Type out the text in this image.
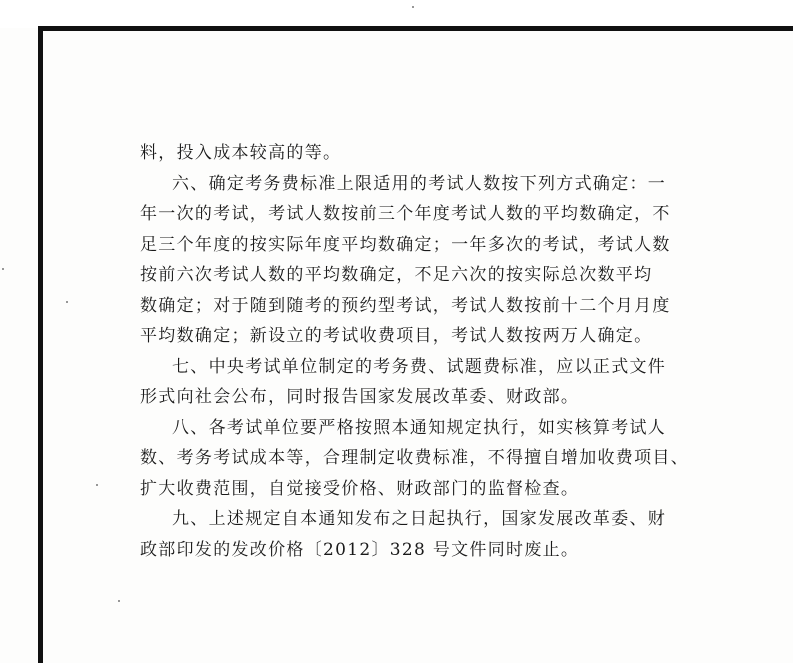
料，投入成本较高的等。
六、确定考务费标准上限适用的考试人数按下列方式确定：一
年一次的考试，考试人数按前三个年度考试人数的平均数确定，不
足三个年度的按实际年度平均数确定；一年多次的考试，考试人数
按前六次考试人数的平均数确定，不足六次的按实际总次数平均
数确定；对于随到随考的预约型考试，考试人数按前十二个月月度
平均数确定；新设立的考试收费项目，考试人数按两万人确定。
七、中央考试单位制定的考务费、试题费标准，应以正式文件
形式向社会公布，同时报告国家发展改革委、财政部。
八、各考试单位要严格按照本通知规定执行，如实核算考试人
数、考务考试成本等，合理制定收费标准，不得擅自增加收费项目、
扩大收费范围，自觉接受价格、财政部门的监督检查。
九、上述规定自本通知发布之日起执行，国家发展改革委、财
政部印发的发改价格〔2012〕328 号文件同时废止。
